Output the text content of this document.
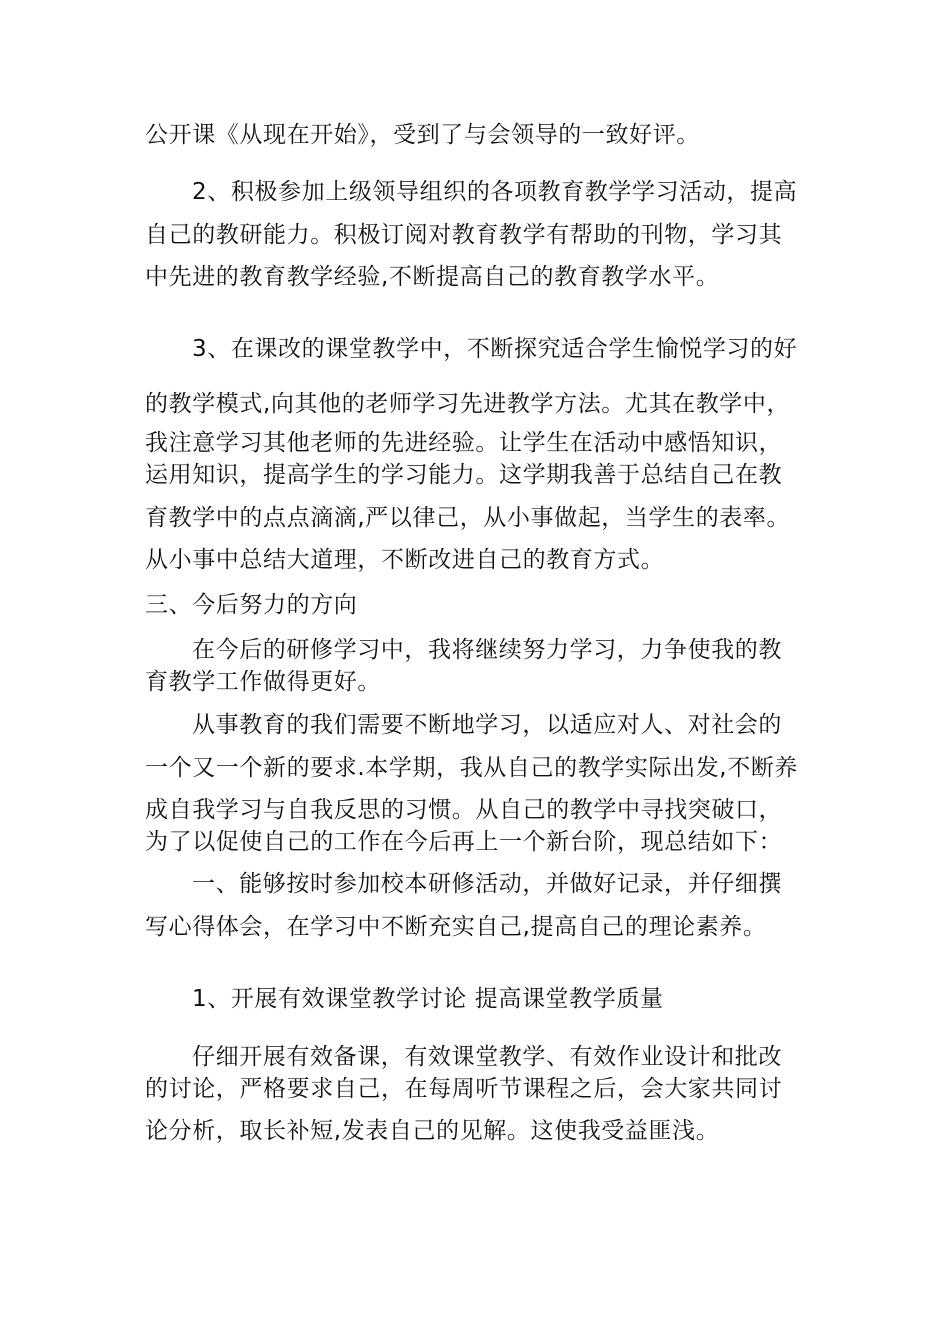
公开课《从现在开始》，受到了与会领导的一致好评。
2、积极参加上级领导组织的各项教育教学学习活动，提高
自己的教研能力。积极订阅对教育教学有帮助的刊物，学习其
中先进的教育教学经验,不断提高自己的教育教学水平。
3、在课改的课堂教学中，不断探究适合学生愉悦学习的好
的教学模式,向其他的老师学习先进教学方法。尤其在教学中，
我注意学习其他老师的先进经验。让学生在活动中感悟知识，
运用知识，提高学生的学习能力。这学期我善于总结自己在教
育教学中的点点滴滴,严以律己，从小事做起，当学生的表率。
从小事中总结大道理，不断改进自己的教育方式。
三、今后努力的方向
在今后的研修学习中，我将继续努力学习，力争使我的教
育教学工作做得更好。
从事教育的我们需要不断地学习，以适应对人、对社会的
一个又一个新的要求.本学期，我从自己的教学实际出发,不断养
成自我学习与自我反思的习惯。从自己的教学中寻找突破口，
为了以促使自己的工作在今后再上一个新台阶，现总结如下：
一、能够按时参加校本研修活动，并做好记录，并仔细撰
写心得体会，在学习中不断充实自己,提高自己的理论素养。
1、开展有效课堂教学讨论 提高课堂教学质量
仔细开展有效备课，有效课堂教学、有效作业设计和批改
的讨论，严格要求自己，在每周听节课程之后，会大家共同讨
论分析，取长补短,发表自己的见解。这使我受益匪浅。
